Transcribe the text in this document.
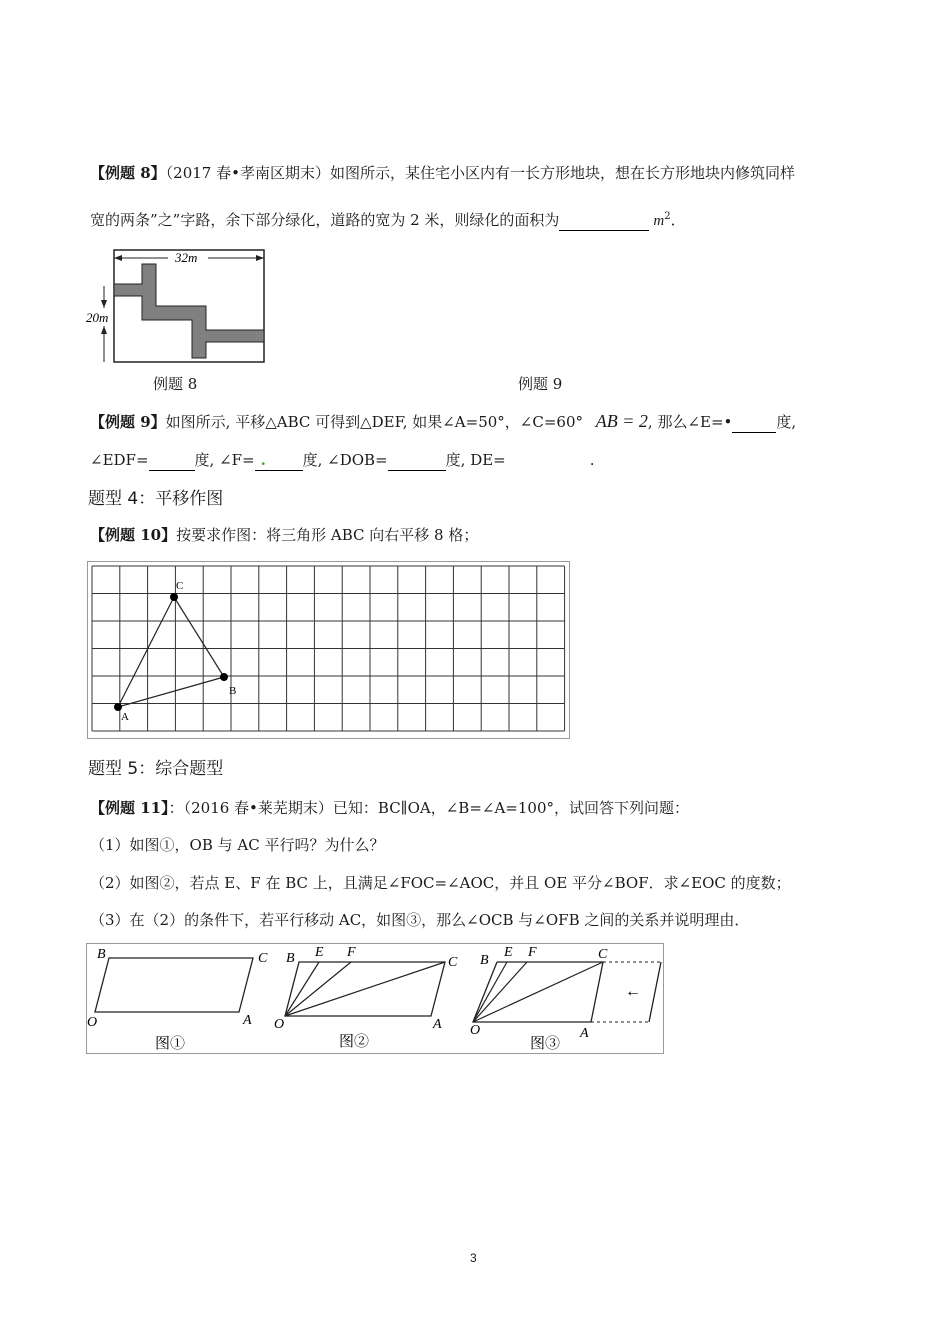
【例题 8】（2017 春•孝南区期末）如图所示，某住宅小区内有一长方形地块，想在长方形地块内修筑同样
宽的两条”之”字路，余下部分绿化，道路的宽为 2 米，则绿化的面积为	$m^2$．
32m
20m
例题 8	例题 9
【例题 9】如图所示, 平移△ABC 可得到△DEF, 如果∠A=50°，∠C=60° AB = 2, 那么∠E=•	度,
∠EDF=	度, ∠F= . 度, ∠DOB=	度, DE=	.
题型 4：平移作图
【例题 10】按要求作图：将三角形 ABC 向右平移 8 格；
A
B
C
题型 5：综合题型
【例题 11】：（2016 春•莱芜期末）已知：BC∥OA，∠B=∠A=100°，试回答下列问题：
（1）如图①，OB 与 AC 平行吗？为什么？
（2）如图②，若点 E、F 在 BC 上，且满足∠FOC=∠AOC，并且 OE 平分∠BOF．求∠EOC 的度数；
（3）在（2）的条件下，若平行移动 AC，如图③，那么∠OCB 与∠OFB 之间的关系并说明理由．
B	C
O	A
图①
B E F
C
O	A
图②
B
E F	C
O	A
←
图③
3
